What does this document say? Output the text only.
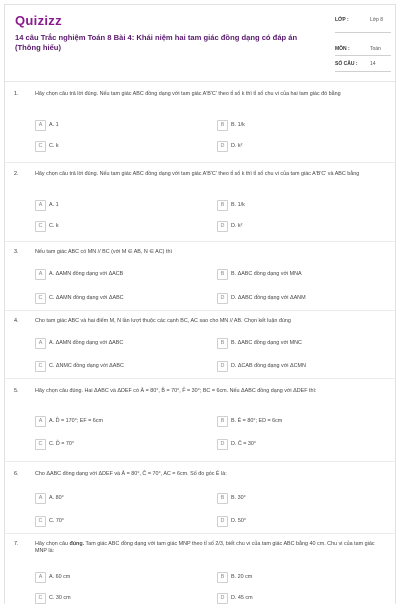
Quizizz
14 câu Trắc nghiệm Toán 8 Bài 4: Khái niệm hai tam giác đồng dạng có đáp án (Thông hiểu)
LỚP :	Lớp 8
MÔN :	Toán
SỐ CÂU :	14
1.	Hãy chọn câu trả lời đúng. Nếu tam giác ABC đồng dạng với tam giác A'B'C' theo tỉ số k thì tỉ số chu vi của hai tam giác đó bằng
A	A. 1	B	B. 1/k
C	C. k	D	D. k²
2.	Hãy chọn câu trả lời đúng. Nếu tam giác ABC đồng dạng với tam giác A'B'C' theo tỉ số k thì tỉ số chu vi của tam giác A'B'C' và ABC bằng
A	A. 1	B	B. 1/k
C	C. k	D	D. k²
3.	Nếu tam giác ABC có MN // BC (với M ∈ AB, N ∈ AC) thì
A	A. ΔAMN đồng dạng với ΔACB	B	B. ΔABC đồng dạng với MNA
C	C. ΔAMN đồng dạng với ΔABC	D	D. ΔABC đồng dạng với ΔANM
4.	Cho tam giác ABC và hai điểm M, N lần lượt thuộc các cạnh BC, AC sao cho MN // AB. Chọn kết luận đúng
A	A. ΔAMN đồng dạng với ΔABC	B	B. ΔABC đồng dạng với MNC
C	C. ΔNMC đồng dạng với ΔABC	D	D. ΔCAB đồng dạng với ΔCMN
5.	Hãy chọn câu đúng. Hai ΔABC và ΔDEF có Â = 80°, B̂ = 70°, F̂ = 30°; BC = 6cm. Nếu ΔABC đồng dạng với ΔDEF thì:
A	A. D̂ = 170°; EF = 6cm	B	B. Ê = 80°; ED = 6cm
C	C. D̂ = 70°	D	D. Ĉ = 30°
6.	Cho ΔABC đồng dạng với ΔDEF và Â = 80°, Ĉ = 70°, AC = 6cm. Số đo góc Ê là:
A	A. 80°	B	B. 30°
C	C. 70°	D	D. 50°
7.	Hãy chọn câu đúng. Tam giác ABC đồng dạng với tam giác MNP theo tỉ số 2/3, biết chu vi của tam giác ABC bằng 40 cm. Chu vi của tam giác MNP là:
A	A. 60 cm	B	B. 20 cm
C	C. 30 cm	D	D. 45 cm
